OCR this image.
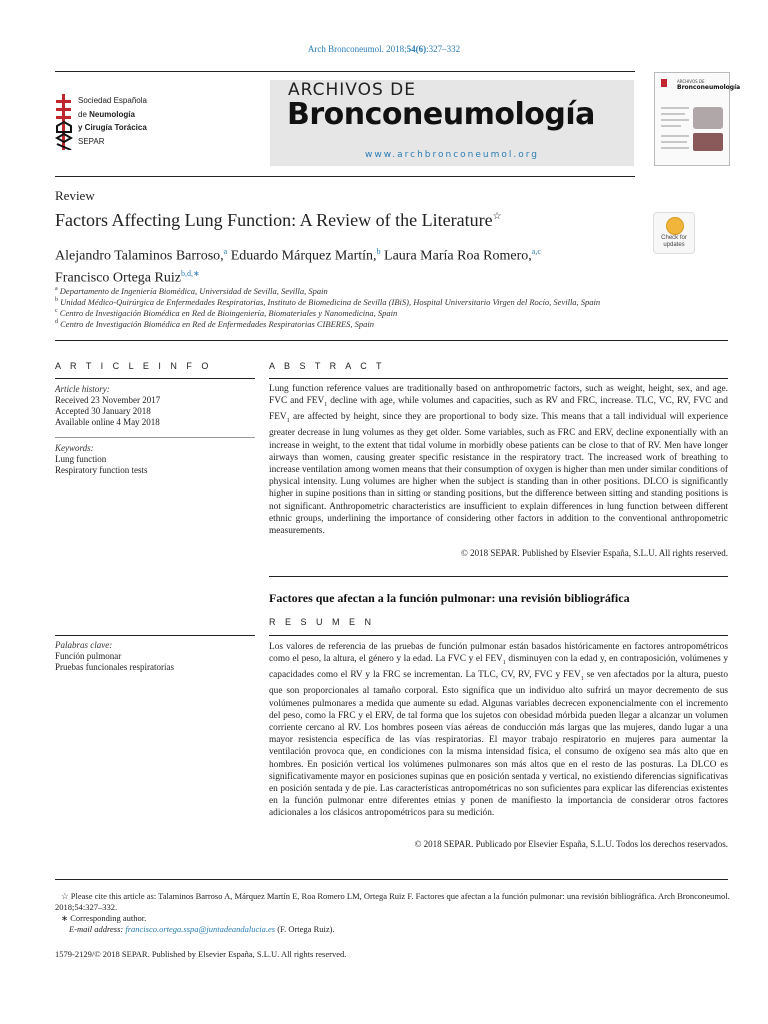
Arch Bronconeumol. 2018;54(6):327–332
Sociedad Española
de Neumología
y Cirugía Torácica
SEPAR
ARCHIVOS DE
Bronconeumología
www.archbronconeumol.org
ARCHIVOS DE
Bronconeumología
Review
Factors Affecting Lung Function: A Review of the Literature☆
Check for
updates
Alejandro Talaminos Barroso,$^a$ Eduardo Márquez Martín,$^b$ Laura María Roa Romero,$^{a,c}$
Francisco Ortega Ruiz$^{b,d,∗}$
$^a$ Departamento de Ingeniería Biomédica, Universidad de Sevilla, Sevilla, Spain
$^b$ Unidad Médico-Quirúrgica de Enfermedades Respiratorias, Instituto de Biomedicina de Sevilla (IBiS), Hospital Universitario Virgen del Rocío, Sevilla, Spain
$^c$ Centro de Investigación Biomédica en Red de Bioingeniería, Biomateriales y Nanomedicina, Spain
$^d$ Centro de Investigación Biomédica en Red de Enfermedades Respiratorias CIBERES, Spain
A R T I C L E I N F O
Article history:
Received 23 November 2017
Accepted 30 January 2018
Available online 4 May 2018
Keywords:
Lung function
Respiratory function tests
A B S T R A C T
Lung function reference values are traditionally based on anthropometric factors, such as weight, height, sex, and age. FVC and $FEV_1$ decline with age, while volumes and capacities, such as RV and FRC, increase. TLC, VC, RV, FVC and $FEV_1$ are affected by height, since they are proportional to body size. This means that a tall individual will experience greater decrease in lung volumes as they get older. Some variables, such as FRC and ERV, decline exponentially with an increase in weight, to the extent that tidal volume in morbidly obese patients can be close to that of RV. Men have longer airways than women, causing greater specific resistance in the respiratory tract. The increased work of breathing to increase ventilation among women means that their consumption of oxygen is higher than men under similar conditions of physical intensity. Lung volumes are higher when the subject is standing than in other positions. DLCO is significantly higher in supine positions than in sitting or standing positions, but the difference between sitting and standing positions is not significant. Anthropometric characteristics are insufficient to explain differences in lung function between different ethnic groups, underlining the importance of considering other factors in addition to the conventional anthropometric measurements.
© 2018 SEPAR. Published by Elsevier España, S.L.U. All rights reserved.
Factores que afectan a la función pulmonar: una revisión bibliográfica
R E S U M E N
Palabras clave:
Función pulmonar
Pruebas funcionales respiratorias
Los valores de referencia de las pruebas de función pulmonar están basados históricamente en factores antropométricos como el peso, la altura, el género y la edad. La FVC y el $FEV_1$ disminuyen con la edad y, en contraposición, volúmenes y capacidades como el RV y la FRC se incrementan. La TLC, CV, RV, FVC y $FEV_1$ se ven afectados por la altura, puesto que son proporcionales al tamaño corporal. Esto significa que un individuo alto sufrirá un mayor decremento de sus volúmenes pulmonares a medida que aumente su edad. Algunas variables decrecen exponencialmente con el incremento del peso, como la FRC y el ERV, de tal forma que los sujetos con obesidad mórbida pueden llegar a alcanzar un volumen corriente cercano al RV. Los hombres poseen vías aéreas de conducción más largas que las mujeres, dando lugar a una mayor resistencia específica de las vías respiratorias. El mayor trabajo respiratorio en mujeres para aumentar la ventilación provoca que, en condiciones con la misma intensidad física, el consumo de oxígeno sea más alto que en hombres. En posición vertical los volúmenes pulmonares son más altos que en el resto de las posturas. La DLCO es significativamente mayor en posiciones supinas que en posición sentada y vertical, no existiendo diferencias significativas en posición sentada y de pie. Las características antropométricas no son suficientes para explicar las diferencias existentes en la función pulmonar entre diferentes etnias y ponen de manifiesto la importancia de considerar otros factores adicionales a los clásicos antropométricos para su medición.
© 2018 SEPAR. Publicado por Elsevier España, S.L.U. Todos los derechos reservados.
☆ Please cite this article as: Talaminos Barroso A, Márquez Martín E, Roa Romero LM, Ortega Ruiz F. Factores que afectan a la función pulmonar: una revisión bibliográfica. Arch Bronconeumol. 2018;54:327–332.
∗ Corresponding author.
E-mail address: francisco.ortega.sspa@juntadeandalucia.es (F. Ortega Ruiz).
1579-2129/© 2018 SEPAR. Published by Elsevier España, S.L.U. All rights reserved.
